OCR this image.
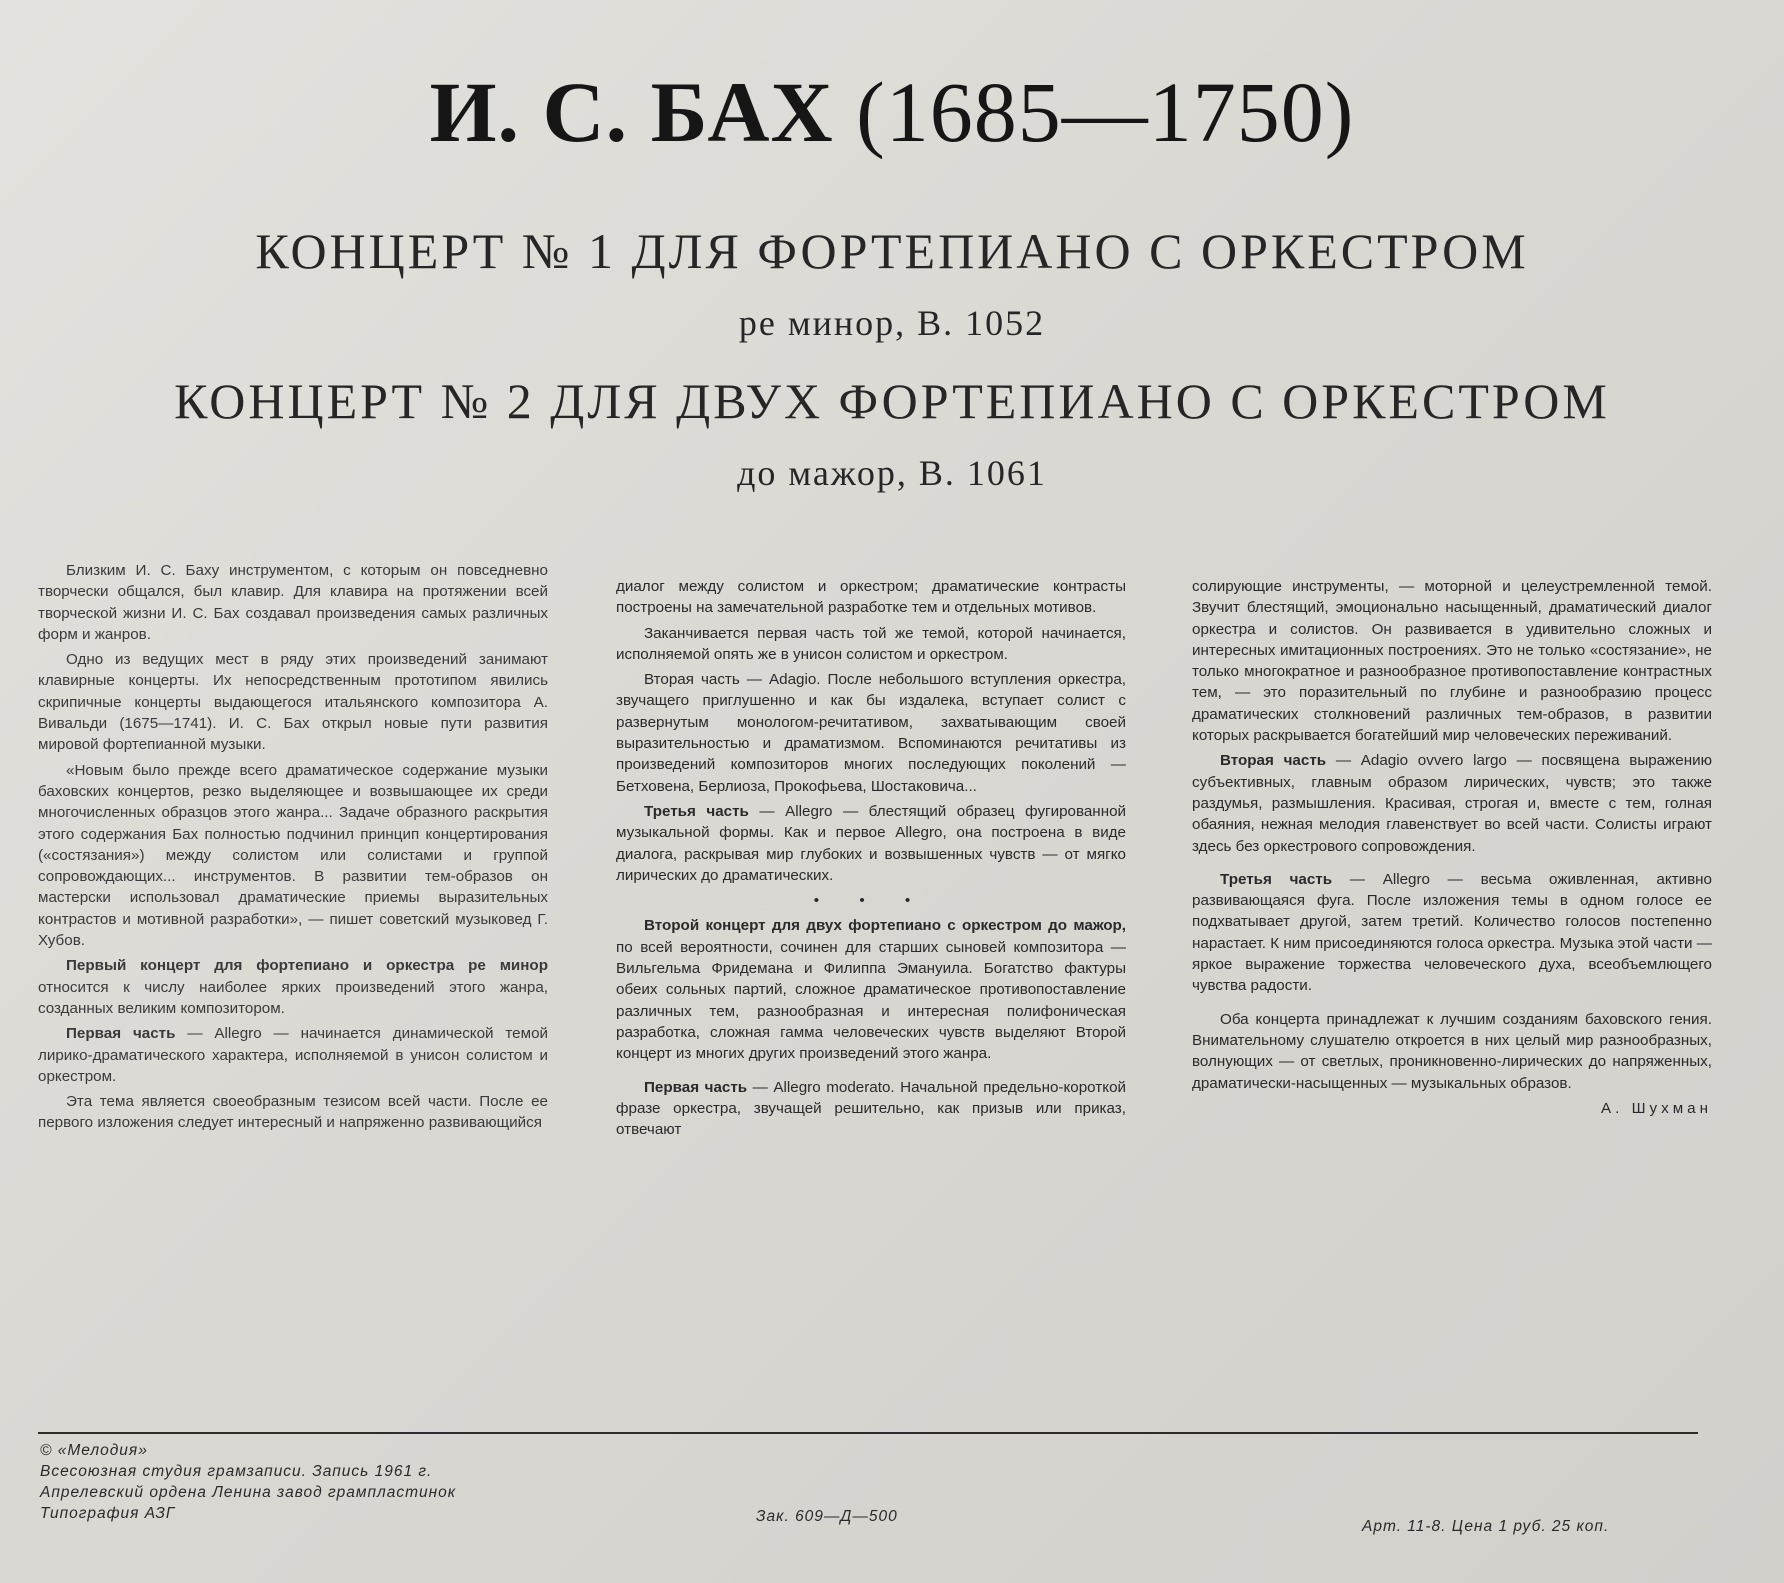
И. С. БАХ (1685—1750)
КОНЦЕРТ № 1 ДЛЯ ФОРТЕПИАНО С ОРКЕСТРОМ
ре минор, В. 1052
КОНЦЕРТ № 2 ДЛЯ ДВУХ ФОРТЕПИАНО С ОРКЕСТРОМ
до мажор, В. 1061

Близким И. С. Баху инструментом, с которым он повседневно творчески общался, был клавир. Для клавира на протяжении всей творческой жизни И. С. Бах создавал произведения самых различных форм и жанров.

Одно из ведущих мест в ряду этих произведений занимают клавирные концерты. Их непосредственным прототипом явились скрипичные концерты выдающегося итальянского композитора А. Вивальди (1675—1741). И. С. Бах открыл новые пути развития мировой фортепианной музыки.

«Новым было прежде всего драматическое содержание музыки баховских концертов, резко выделяющее и возвышающее их среди многочисленных образцов этого жанра... Задаче образного раскрытия этого содержания Бах полностью подчинил принцип концертирования («состязания») между солистом или солистами и группой сопровождающих... инструментов. В развитии тем-образов он мастерски использовал драматические приемы выразительных контрастов и мотивной разработки», — пишет советский музыковед Г. Хубов.

Первый концерт для фортепиано и оркестра ре минор относится к числу наиболее ярких произведений этого жанра, созданных великим композитором.

Первая часть — Allegro — начинается динамической темой лирико-драматического характера, исполняемой в унисон солистом и оркестром.

Эта тема является своеобразным тезисом всей части. После ее первого изложения следует интересный и напряженно развивающийся

диалог между солистом и оркестром; драматические контрасты построены на замечательной разработке тем и отдельных мотивов.

Заканчивается первая часть той же темой, которой начинается, исполняемой опять же в унисон солистом и оркестром.

Вторая часть — Adagio. После небольшого вступления оркестра, звучащего приглушенно и как бы издалека, вступает солист с развернутым монологом-речитативом, захватывающим своей выразительностью и драматизмом. Вспоминаются речитативы из произведений композиторов многих последующих поколений — Бетховена, Берлиоза, Прокофьева, Шостаковича...

Третья часть — Allegro — блестящий образец фугированной музыкальной формы. Как и первое Allegro, она построена в виде диалога, раскрывая мир глубоких и возвышенных чувств — от мягко лирических до драматических.

• • •

Второй концерт для двух фортепиано с оркестром до мажор, по всей вероятности, сочинен для старших сыновей композитора — Вильгельма Фридемана и Филиппа Эмануила. Богатство фактуры обеих сольных партий, сложное драматическое противопоставление различных тем, разнообразная и интересная полифоническая разработка, сложная гамма человеческих чувств выделяют Второй концерт из многих других произведений этого жанра.

Первая часть — Allegro moderato. Начальной предельно-короткой фразе оркестра, звучащей решительно, как призыв или приказ, отвечают

солирующие инструменты, — моторной и целеустремленной темой. Звучит блестящий, эмоционально насыщенный, драматический диалог оркестра и солистов. Он развивается в удивительно сложных и интересных имитационных построениях. Это не только «состязание», не только многократное и разнообразное противопоставление контрастных тем, — это поразительный по глубине и разнообразию процесс драматических столкновений различных тем-образов, в развитии которых раскрывается богатейший мир человеческих переживаний.

Вторая часть — Adagio ovvero largo — посвящена выражению субъективных, главным образом лирических, чувств; это также раздумья, размышления. Красивая, строгая и, вместе с тем, голная обаяния, нежная мелодия главенствует во всей части. Солисты играют здесь без оркестрового сопровождения.

Третья часть — Allegro — весьма оживленная, активно развивающаяся фуга. После изложения темы в одном голосе ее подхватывает другой, затем третий. Количество голосов постепенно нарастает. К ним присоединяются голоса оркестра. Музыка этой части — яркое выражение торжества человеческого духа, всеобъемлющего чувства радости.

Оба концерта принадлежат к лучшим созданиям баховского гения. Внимательному слушателю откроется в них целый мир разнообразных, волнующих — от светлых, проникновенно-лирических до напряженных, драматически-насыщенных — музыкальных образов.

А. Шухман

© «Мелодия»
Всесоюзная студия грамзаписи. Запись 1961 г.
Апрелевский ордена Ленина завод грампластинок
Типография АЗГ	Зак. 609—Д—500
Арт. 11-8. Цена 1 руб. 25 коп.
